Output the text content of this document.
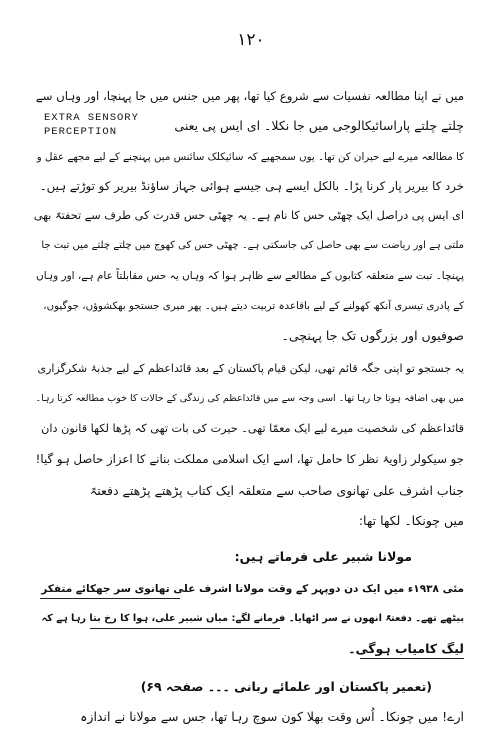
۱۲۰
میں نے اپنا مطالعہ نفسیات سے شروع کیا تھا، پھر میں جنس میں جا پہنچا، اور وہاں سے
EXTRA SENSORY	چلتے چلتے پاراسائیکالوجی میں جا نکلا۔ ای ایس پی یعنی
PERCEPTION
کا مطالعہ میرے لیے حیران کن تھا۔ یوں سمجھیے کہ سائیکلک سائنس میں پہنچنے کے لیے مجھے عقل و
خرد کا بیریر پار کرنا پڑا۔ بالکل ایسے ہی جیسے ہوائی جہاز ساؤنڈ بیریر کو توڑتے ہیں۔
ای ایس پی دراصل ایک چھٹی حس کا نام ہے۔ یہ چھٹی حس قدرت کی طرف سے تحفتہً بھی
ملتی ہے اور ریاضت سے بھی حاصل کی جاسکتی ہے۔ چھٹی حس کی کھوج میں چلتے چلتے میں تبت جا
پہنچا۔ تبت سے متعلقہ کتابوں کے مطالعے سے ظاہر ہوا کہ وہاں یہ حس مقابلتاً عام ہے، اور وہاں
کے پادری تیسری آنکھ کھولنے کے لیے باقاعدہ تربیت دیتے ہیں۔ پھر میری جستجو بھکشوؤں، جوگیوں،
صوفیوں اور بزرگوں تک جا پہنچی۔
یہ جستجو تو اپنی جگہ قائم تھی، لیکن قیام پاکستان کے بعد قائداعظم کے لیے جذبۂ شکرگزاری
میں بھی اضافہ ہوتا جا رہا تھا۔ اسی وجہ سے میں قائداعظم کی زندگی کے حالات کا خوب مطالعہ کرتا رہا۔
قائداعظم کی شخصیت میرے لیے ایک معمّا تھی۔ حیرت کی بات تھی کہ پڑھا لکھا قانون دان
جو سیکولر زاویۂ نظر کا حامل تھا، اسے ایک اسلامی مملکت بنانے کا اعزاز حاصل ہو گیا!
جناب اشرف علی تھانوی صاحب سے متعلقہ ایک کتاب پڑھتے پڑھتے دفعتہً
میں چونکا۔ لکھا تھا:
مولانا شبیر علی فرماتے ہیں:
مئی ۱۹۳۸ء میں ایک دن دوپہر کے وقت مولانا اشرف علی تھانوی سر جھکائے متفکر
بیٹھے تھے۔ دفعتہً انھوں نے سر اٹھایا۔ فرمانے لگے: میاں شبیر علی، ہوا کا رخ بتا رہا ہے کہ
لیگ کامیاب ہوگی۔
(تعمیر پاکستان اور علمائے ربانی ۔۔۔ صفحہ ۶۹)
ارے! میں چونکا۔ اُس وقت بھلا کون سوچ رہا تھا، جس سے مولانا نے اندازہ
